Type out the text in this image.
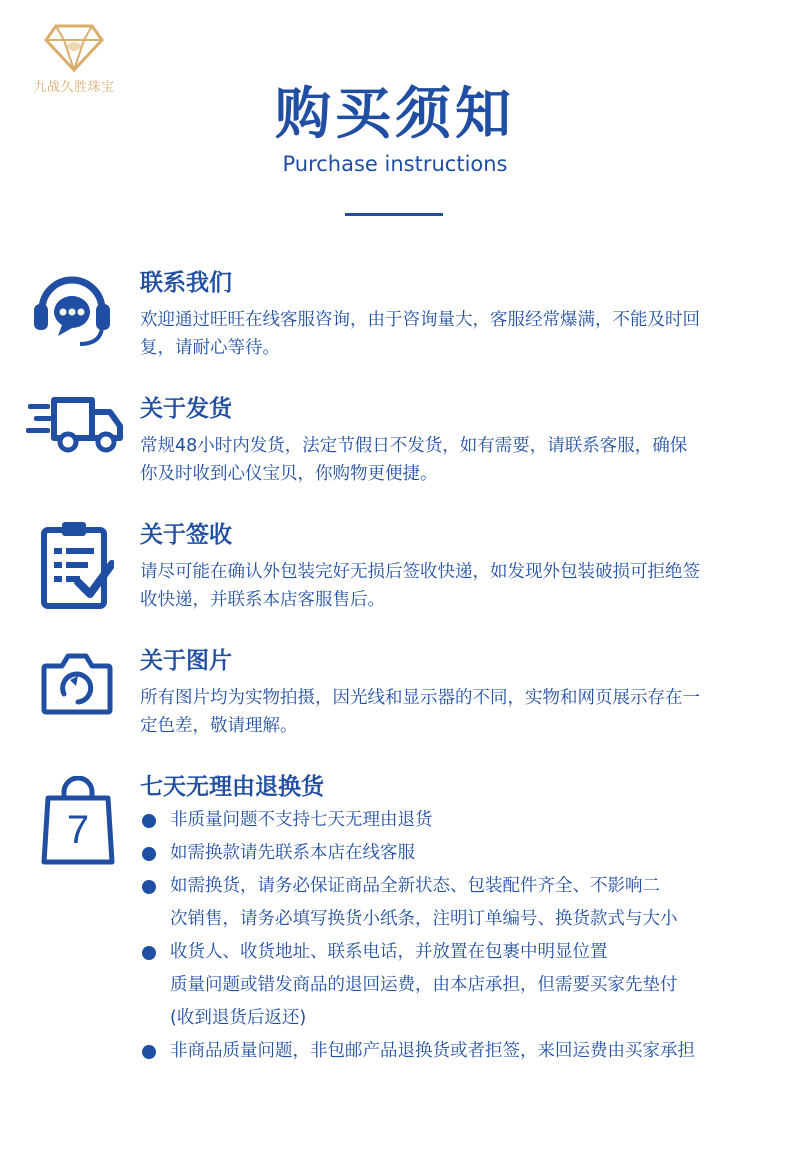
九战久胜珠宝	购买须知
Purchase instructions
联系我们
欢迎通过旺旺在线客服咨询，由于咨询量大，客服经常爆满，不能及时回
复，请耐心等待。
关于发货
常规48小时内发货，法定节假日不发货，如有需要，请联系客服，确保
你及时收到心仪宝贝，你购物更便捷。
关于签收
请尽可能在确认外包装完好无损后签收快递，如发现外包装破损可拒绝签
收快递，并联系本店客服售后。
关于图片
所有图片均为实物拍摄，因光线和显示器的不同，实物和网页展示存在一
定色差，敬请理解。
7
七天无理由退换货
非质量问题不支持七天无理由退货
如需换款请先联系本店在线客服
如需换货，请务必保证商品全新状态、包装配件齐全、不影响二
次销售，请务必填写换货小纸条，注明订单编号、换货款式与大小
收货人、收货地址、联系电话，并放置在包裹中明显位置
质量问题或错发商品的退回运费，由本店承担，但需要买家先垫付
(收到退货后返还)
非商品质量问题，非包邮产品退换货或者拒签，来回运费由买家承担
